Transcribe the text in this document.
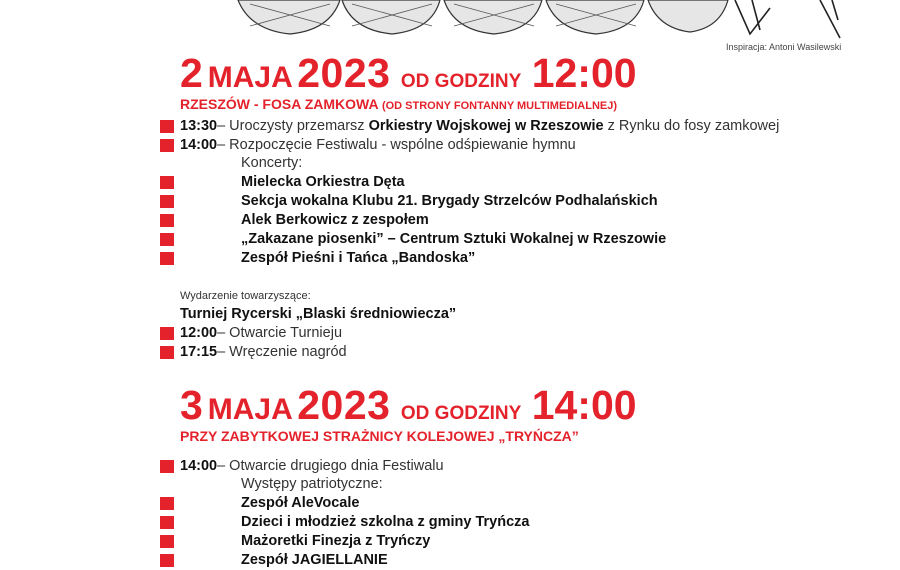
Inspiracja: Antoni Wasilewski
2 MAJA 2023 OD GODZINY 12:00
RZESZÓW - FOSA ZAMKOWA (OD STRONY FONTANNY MULTIMEDIALNEJ)
13:30– Uroczysty przemarsz Orkiestry Wojskowej w Rzeszowie z Rynku do fosy zamkowej
14:00– Rozpoczęcie Festiwalu - wspólne odśpiewanie hymnu
Koncerty:
Mielecka Orkiestra Dęta
Sekcja wokalna Klubu 21. Brygady Strzelców Podhalańskich
Alek Berkowicz z zespołem
„Zakazane piosenki” – Centrum Sztuki Wokalnej w Rzeszowie
Zespół Pieśni i Tańca „Bandoska”
Wydarzenie towarzyszące:
Turniej Rycerski „Blaski średniowiecza”
12:00– Otwarcie Turnieju
17:15– Wręczenie nagród
3 MAJA 2023 OD GODZINY 14:00
PRZY ZABYTKOWEJ STRAŻNICY KOLEJOWEJ „TRYŃCZA”
14:00– Otwarcie drugiego dnia Festiwalu
Występy patriotyczne:
Zespół AleVocale
Dzieci i młodzież szkolna z gminy Tryńcza
Mażoretki Finezja z Tryńczy
Zespół JAGIELLANIE
